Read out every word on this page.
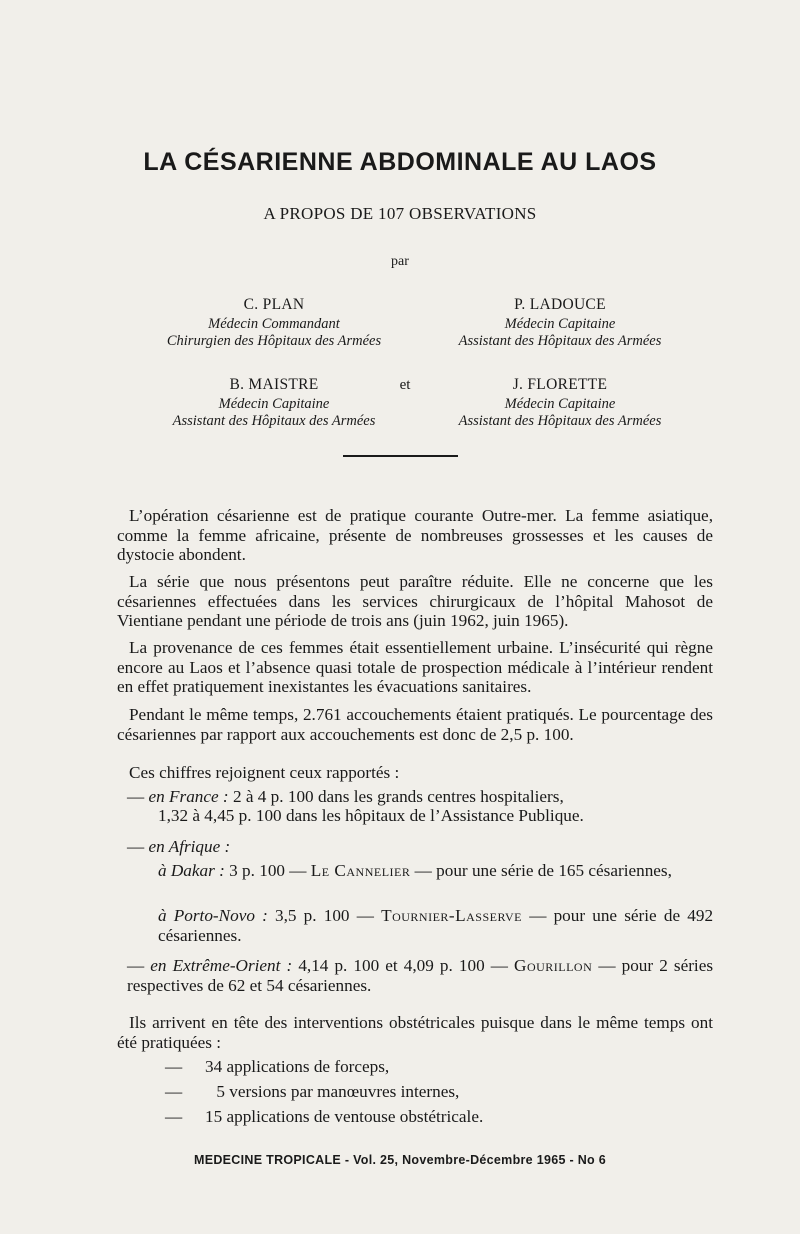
LA CÉSARIENNE ABDOMINALE AU LAOS
A PROPOS DE 107 OBSERVATIONS
par
C. PLAN
Médecin Commandant
Chirurgien des Hôpitaux des Armées
P. LADOUCE
Médecin Capitaine
Assistant des Hôpitaux des Armées
et
B. MAISTRE
Médecin Capitaine
Assistant des Hôpitaux des Armées
J. FLORETTE
Médecin Capitaine
Assistant des Hôpitaux des Armées
L’opération césarienne est de pratique courante Outre-mer. La femme asiatique, comme la femme africaine, présente de nombreuses grossesses et les causes de dystocie abondent.
La série que nous présentons peut paraître réduite. Elle ne concerne que les césariennes effectuées dans les services chirurgicaux de l’hôpital Mahosot de Vientiane pendant une période de trois ans (juin 1962, juin 1965).
La provenance de ces femmes était essentiellement urbaine. L’insécurité qui règne encore au Laos et l’absence quasi totale de prospection médicale à l’intérieur rendent en effet pratiquement inexistantes les évacuations sanitaires.
Pendant le même temps, 2.761 accouchements étaient pratiqués. Le pourcentage des césariennes par rapport aux accouchements est donc de 2,5 p. 100.
Ces chiffres rejoignent ceux rapportés :
— en France : 2 à 4 p. 100 dans les grands centres hospitaliers,
1,32 à 4,45 p. 100 dans les hôpitaux de l’Assistance Publique.
— en Afrique :
à Dakar : 3 p. 100 — Le Cannelier — pour une série de 165 césariennes,
à Porto-Novo : 3,5 p. 100 — Tournier-Lasserve — pour une série de 492 césariennes.
— en Extrême-Orient : 4,14 p. 100 et 4,09 p. 100 — Gourillon — pour 2 séries respectives de 62 et 54 césariennes.
Ils arrivent en tête des interventions obstétricales puisque dans le même temps ont été pratiquées :
— 34 applications de forceps,
— 5 versions par manœuvres internes,
— 15 applications de ventouse obstétricale.
MEDECINE TROPICALE - Vol. 25, Novembre-Décembre 1965 - No 6
